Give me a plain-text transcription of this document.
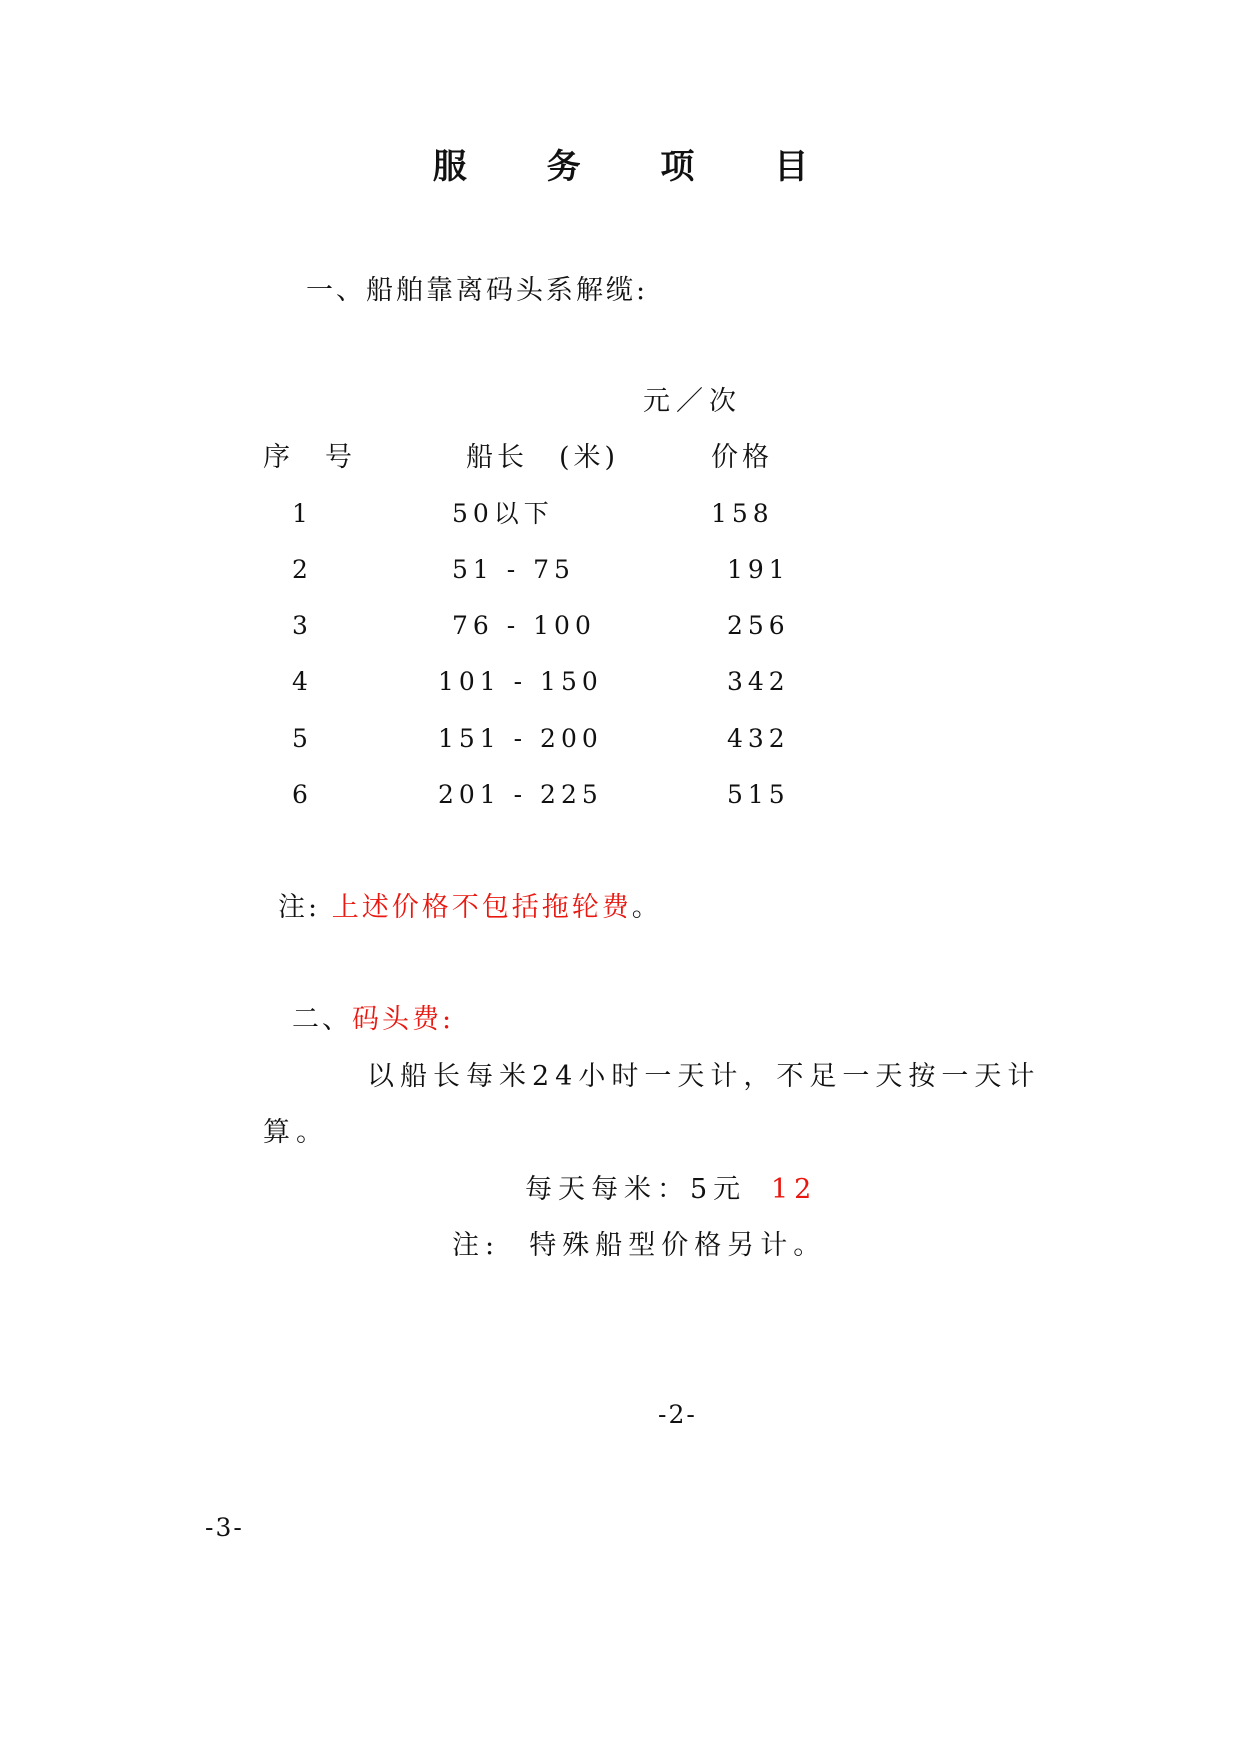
服 务 项 目
一、船舶靠离码头系解缆:
元／次
序　号	船长　(米)	价格
1	50以下	158
2	51 - 75	191
3	76 - 100	256
4	101 - 150	342
5	151 - 200	432
6	201 - 225	515
注: 上述价格不包括拖轮费。
二、码头费:
以船长每米24小时一天计，不足一天按一天计
算。
每天每米：5元 12
注: 特殊船型价格另计。
-2-
-3-
